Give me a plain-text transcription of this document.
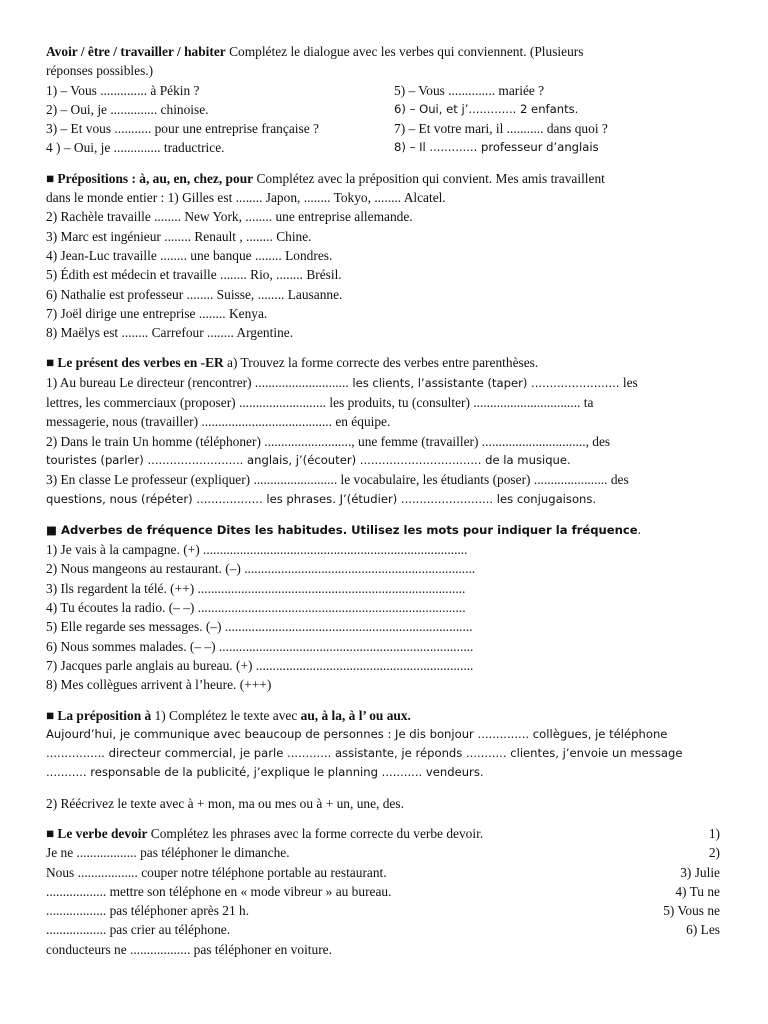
Avoir / être / travailler / habiter Complétez le dialogue avec les verbes qui conviennent. (Plusieurs
réponses possibles.)
1) – Vous .............. à Pékin ?	5) – Vous .............. mariée ?
2) – Oui, je .............. chinoise.	6) – Oui, et j’............. 2 enfants.
3) – Et vous ........... pour une entreprise française ?	7) – Et votre mari, il ........... dans quoi ?
4 ) – Oui, je .............. traductrice.	8) – Il ............. professeur d’anglais
■ Prépositions : à, au, en, chez, pour Complétez avec la préposition qui convient. Mes amis travaillent
dans le monde entier : 1) Gilles est ........ Japon, ........ Tokyo, ........ Alcatel.
2) Rachèle travaille ........ New York, ........ une entreprise allemande.
3) Marc est ingénieur ........ Renault , ........ Chine.
4) Jean-Luc travaille ........ une banque ........ Londres.
5) Édith est médecin et travaille ........ Rio, ........ Brésil.
6) Nathalie est professeur ........ Suisse, ........ Lausanne.
7) Joël dirige une entreprise ........ Kenya.
8) Maëlys est ........ Carrefour ........ Argentine.
■ Le présent des verbes en -ER a) Trouvez la forme correcte des verbes entre parenthèses.
1) Au bureau Le directeur (rencontrer) ............................ les clients, l’assistante (taper) ........................ les
lettres, les commerciaux (proposer) .......................... les produits, tu (consulter) ................................ ta
messagerie, nous (travailler) ....................................... en équipe.
2) Dans le train Un homme (téléphoner) .........................., une femme (travailler) ..............................., des
touristes (parler) .......................... anglais, j’(écouter) ................................. de la musique.
3) En classe Le professeur (expliquer) ......................... le vocabulaire, les étudiants (poser) ...................... des
questions, nous (répéter) .................. les phrases. J’(étudier) ......................... les conjugaisons.
■ Adverbes de fréquence Dites les habitudes. Utilisez les mots pour indiquer la fréquence.
1) Je vais à la campagne. (+) ...............................................................................
2) Nous mangeons au restaurant. (–) .....................................................................
3) Ils regardent la télé. (++) ................................................................................
4) Tu écoutes la radio. (– –) ................................................................................
5) Elle regarde ses messages. (–) ..........................................................................
6) Nous sommes malades. (– –) ............................................................................
7) Jacques parle anglais au bureau. (+) .................................................................
8) Mes collègues arrivent à l’heure. (+++)
■ La préposition à 1) Complétez le texte avec au, à la, à l’ ou aux.
Aujourd’hui, je communique avec beaucoup de personnes : Je dis bonjour .............. collègues, je téléphone
................ directeur commercial, je parle ............ assistante, je réponds ........... clientes, j’envoie un message
........... responsable de la publicité, j’explique le planning ........... vendeurs.
2) Réécrivez le texte avec à + mon, ma ou mes ou à + un, une, des.
■ Le verbe devoir Complétez les phrases avec la forme correcte du verbe devoir.	1)
Je ne .................. pas téléphoner le dimanche.	2)
Nous .................. couper notre téléphone portable au restaurant.	3) Julie
.................. mettre son téléphone en « mode vibreur » au bureau.	4) Tu ne
.................. pas téléphoner après 21 h.	5) Vous ne
.................. pas crier au téléphone.	6) Les
conducteurs ne .................. pas téléphoner en voiture.
